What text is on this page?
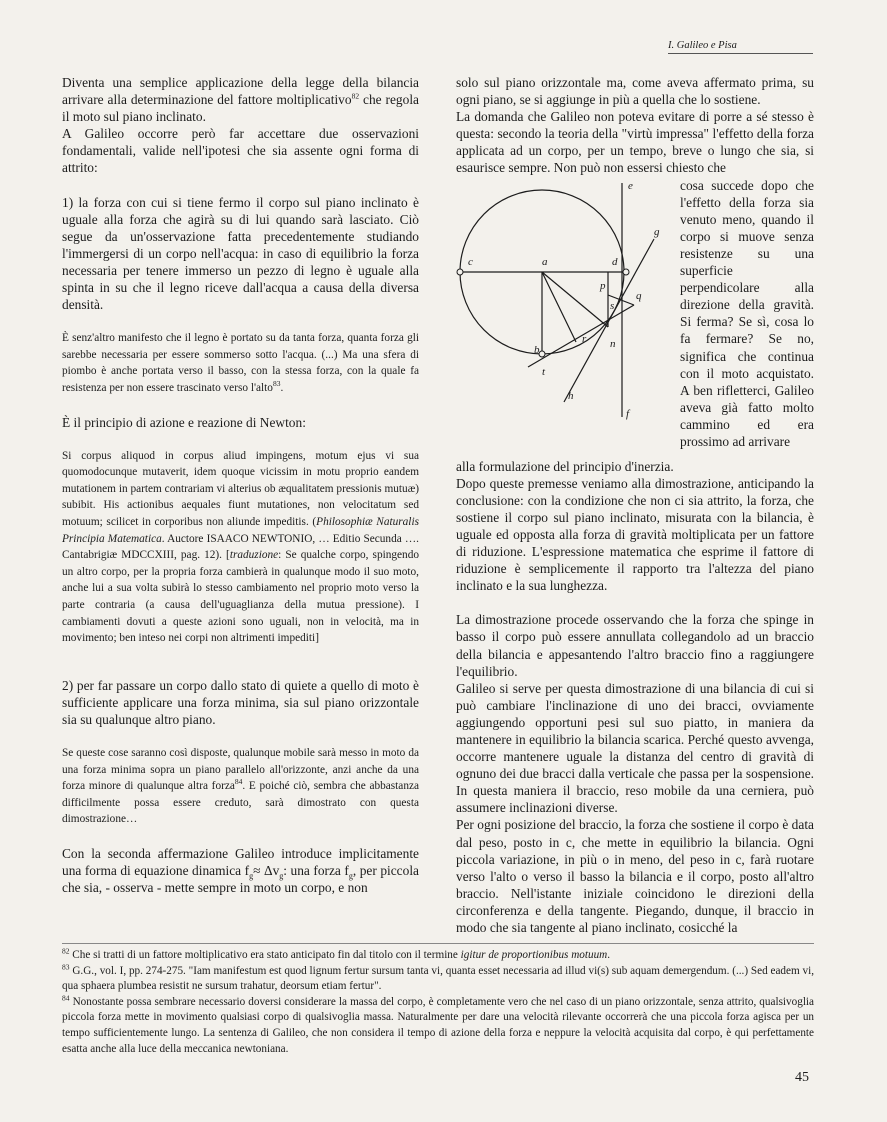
I. Galileo e Pisa

Diventa una semplice applicazione della legge della bilancia arrivare alla determinazione del fattore moltiplicativo$^{82}$ che regola il moto sul piano inclinato.

A Galileo occorre però far accettare due osservazioni fondamentali, valide nell'ipotesi che sia assente ogni forma di attrito:

1) la forza con cui si tiene fermo il corpo sul piano inclinato è uguale alla forza che agirà su di lui quando sarà lasciato. Ciò segue da un'osservazione fatta precedentemente studiando l'immergersi di un corpo nell'acqua: in caso di equilibrio la forza necessaria per tenere immerso un pezzo di legno è uguale alla spinta in su che il legno riceve dall'acqua a causa della diversa densità.

È senz'altro manifesto che il legno è portato su da tanta forza, quanta forza gli sarebbe necessaria per essere sommerso sotto l'acqua. (...) Ma una sfera di piombo è anche portata verso il basso, con la stessa forza, con la quale fa resistenza per non essere trascinato verso l'alto$^{83}$.

È il principio di azione e reazione di Newton:

Si corpus aliquod in corpus aliud impingens, motum ejus vi sua quomodocunque mutaverit, idem quoque vicissim in motu proprio eandem mutationem in partem contrariam vi alterius ob æqualitatem pressionis mutuæ) subibit. His actionibus aequales fiunt mutationes, non velocitatum sed motuum; scilicet in corporibus non aliunde impeditis. (Philosophiæ Naturalis Principia Matematica. Auctore ISAACO NEWTONIO, … Editio Secunda …. Cantabrigiæ MDCCXIII, pag. 12). [traduzione: Se qualche corpo, spingendo un altro corpo, per la propria forza cambierà in qualunque modo il suo moto, anche lui a sua volta subirà lo stesso cambiamento nel proprio moto verso la parte contraria (a causa dell'uguaglianza della mutua pressione). I cambiamenti dovuti a queste azioni sono uguali, non in velocità, ma in movimento; ben inteso nei corpi non altrimenti impediti]

2) per far passare un corpo dallo stato di quiete a quello di moto è sufficiente applicare una forza minima, sia sul piano orizzontale sia su qualunque altro piano.

Se queste cose saranno così disposte, qualunque mobile sarà messo in moto da una forza minima sopra un piano parallelo all'orizzonte, anzi anche da una forza minore di qualunque altra forza$^{84}$. E poiché ciò, sembra che abbastanza difficilmente possa essere creduto, sarà dimostrato con questa dimostrazione…

Con la seconda affermazione Galileo introduce implicitamente una forma di equazione dinamica $f_g\approx \Delta v_g$: una forza $f_g$, per piccola che sia, - osserva - mette sempre in moto un corpo, e non

solo sul piano orizzontale ma, come aveva affermato prima, su ogni piano, se si aggiunge in più a quella che lo sostiene.

La domanda che Galileo non poteva evitare di porre a sé stesso è questa: secondo la teoria della "virtù impressa" l'effetto della forza applicata ad un corpo, per un tempo, breve o lungo che sia, si esaurisce sempre. Non può non essersi chiesto che

e
c	a	d
g
p
q
s
r n
b
t
h
f

cosa succede dopo che l'effetto della forza sia venuto meno, quando il corpo si muove senza resistenze su una superficie perpendicolare alla direzione della gravità. Si ferma? Se sì, cosa lo fa fermare? Se no, significa che continua con il moto acquistato. A ben rifletterci, Galileo aveva già fatto molto cammino ed era prossimo ad arrivare

alla formulazione del principio d'inerzia.

Dopo queste premesse veniamo alla dimostrazione, anticipando la conclusione: con la condizione che non ci sia attrito, la forza, che sostiene il corpo sul piano inclinato, misurata con la bilancia, è uguale ed opposta alla forza di gravità moltiplicata per un fattore di riduzione. L'espressione matematica che esprime il fattore di riduzione è semplicemente il rapporto tra l'altezza del piano inclinato e la sua lunghezza.

La dimostrazione procede osservando che la forza che spinge in basso il corpo può essere annullata collegandolo ad un braccio della bilancia e appesantendo l'altro braccio fino a raggiungere l'equilibrio.

Galileo si serve per questa dimostrazione di una bilancia di cui si può cambiare l'inclinazione di uno dei bracci, ovviamente aggiungendo opportuni pesi sul suo piatto, in maniera da mantenere in equilibrio la bilancia scarica. Perché questo avvenga, occorre mantenere uguale la distanza del centro di gravità di ognuno dei due bracci dalla verticale che passa per la sospensione. In questa maniera il braccio, reso mobile da una cerniera, può assumere inclinazioni diverse.

Per ogni posizione del braccio, la forza che sostiene il corpo è data dal peso, posto in c, che mette in equilibrio la bilancia. Ogni piccola variazione, in più o in meno, del peso in c, farà ruotare verso l'alto o verso il basso la bilancia e il corpo, posto all'altro braccio. Nell'istante iniziale coincidono le direzioni della circonferenza e della tangente. Piegando, dunque, il braccio in modo che sia tangente al piano inclinato, cosicché la

$^{82}$ Che si tratti di un fattore moltiplicativo era stato anticipato fin dal titolo con il termine igitur de proportionibus motuum.

$^{83}$ G.G., vol. I, pp. 274-275. "Iam manifestum est quod lignum fertur sursum tanta vi, quanta esset necessaria ad illud vi(s) sub aquam demergendum. (...) Sed eadem vi, qua sphaera plumbea resistit ne sursum trahatur, deorsum etiam fertur".

$^{84}$ Nonostante possa sembrare necessario doversi considerare la massa del corpo, è completamente vero che nel caso di un piano orizzontale, senza attrito, qualsivoglia piccola forza mette in movimento qualsiasi corpo di qualsivoglia massa. Naturalmente per dare una velocità rilevante occorrerà che una piccola forza agisca per un tempo sufficientemente lungo. La sentenza di Galileo, che non considera il tempo di azione della forza e neppure la velocità acquisita dal corpo, è qui perfettamente esatta anche alla luce della meccanica newtoniana.

45
